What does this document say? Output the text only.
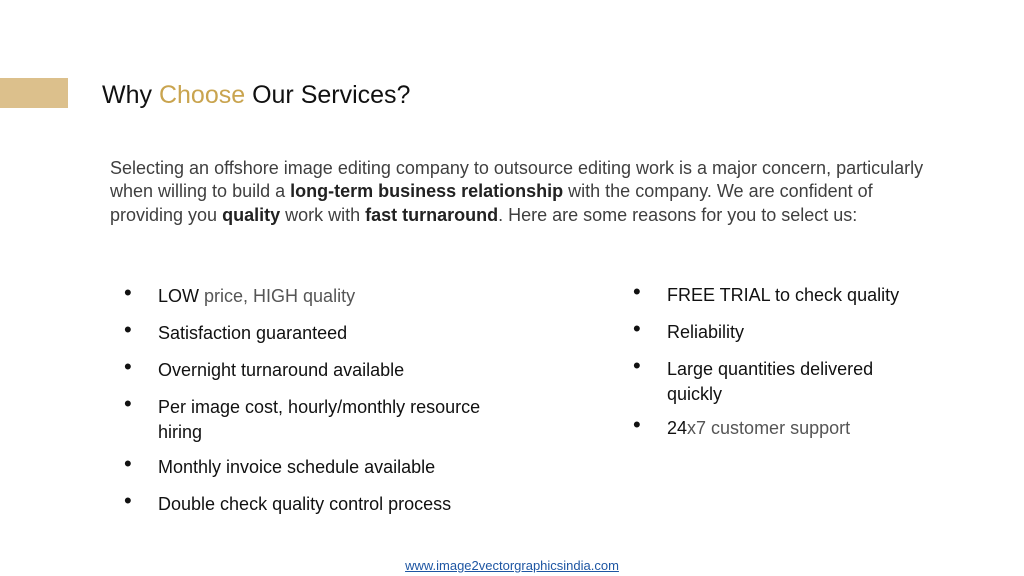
Why Choose Our Services?
Selecting an offshore image editing company to outsource editing work is a major concern, particularly when willing to build a long-term business relationship with the company. We are confident of providing you quality work with fast turnaround. Here are some reasons for you to select us:
• LOW price, HIGH quality
• Satisfaction guaranteed
• Overnight turnaround available
• Per image cost, hourly/monthly resource hiring
• Monthly invoice schedule available
• Double check quality control process
• FREE TRIAL to check quality
• Reliability
• Large quantities delivered quickly
• 24x7 customer support
www.image2vectorgraphicsindia.com
